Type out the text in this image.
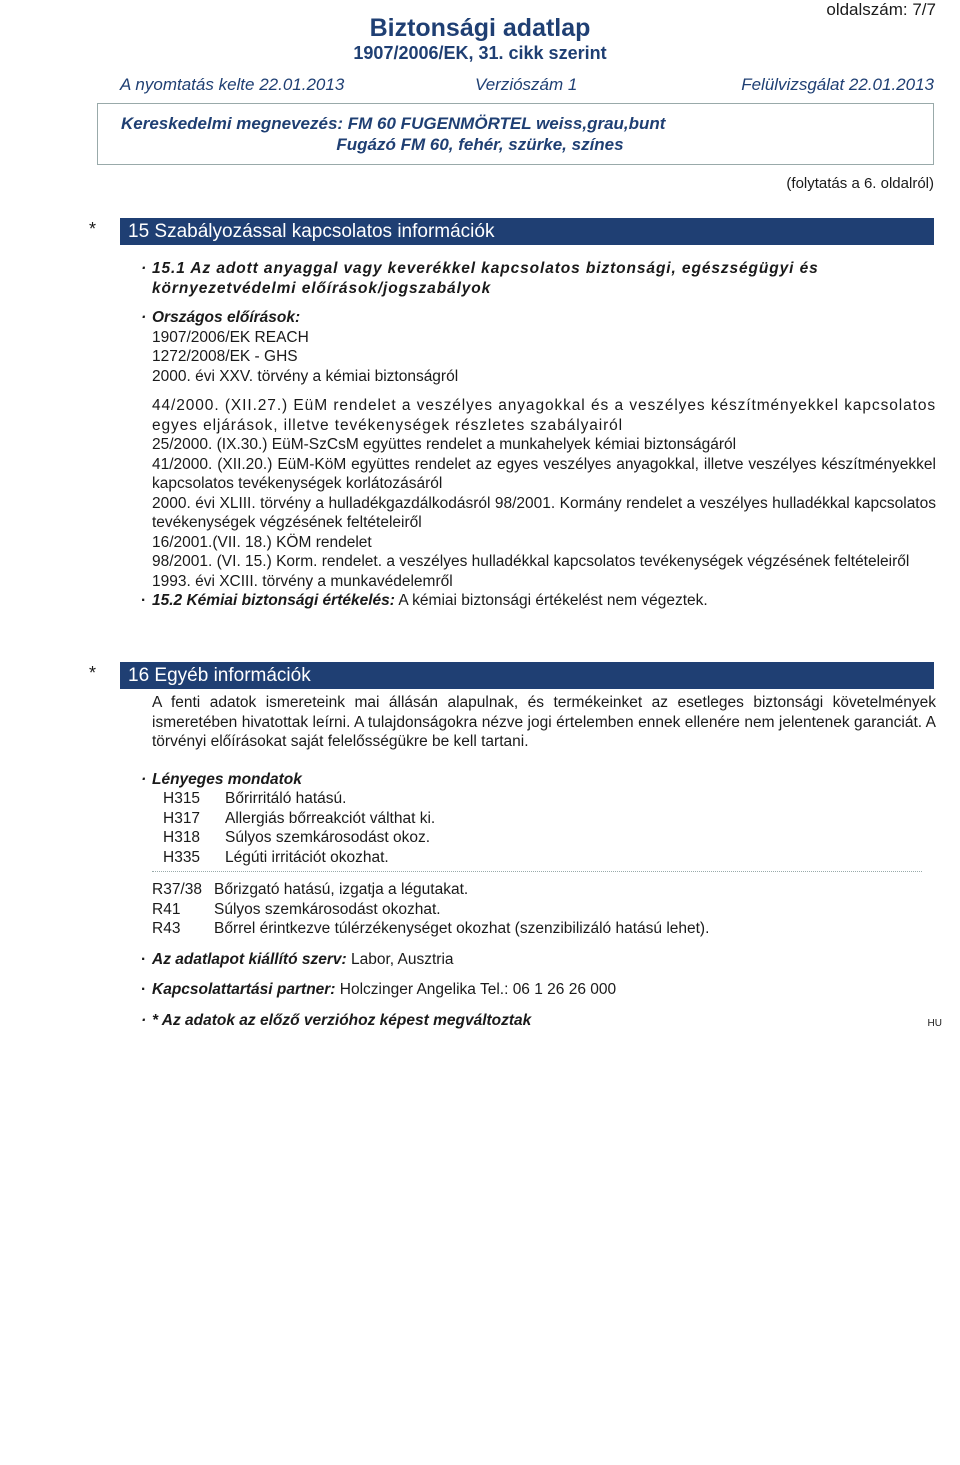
oldalszám: 7/7
Biztonsági adatlap
1907/2006/EK, 31. cikk szerint
A nyomtatás kelte 22.01.2013	Verziószám 1	Felülvizsgálat 22.01.2013
Kereskedelmi megnevezés: FM 60 FUGENMÖRTEL weiss,grau,bunt
Fugázó FM 60, fehér, szürke, színes
(folytatás a 6. oldalról)
*	15 Szabályozással kapcsolatos információk
· 15.1 Az adott anyaggal vagy keverékkel kapcsolatos biztonsági, egészségügyi és környezetvédelmi előírások/jogszabályok
· Országos előírások:
1907/2006/EK REACH
1272/2008/EK - GHS
2000. évi XXV. törvény a kémiai biztonságról
44/2000. (XII.27.) EüM rendelet a veszélyes anyagokkal és a veszélyes készítményekkel kapcsolatos egyes eljárások, illetve tevékenységek részletes szabályairól
25/2000. (IX.30.) EüM-SzCsM együttes rendelet a munkahelyek kémiai biztonságáról
41/2000. (XII.20.) EüM-KöM együttes rendelet az egyes veszélyes anyagokkal, illetve veszélyes készítményekkel kapcsolatos tevékenységek korlátozásáról
2000. évi XLIII. törvény a hulladékgazdálkodásról 98/2001. Kormány rendelet a veszélyes hulladékkal kapcsolatos tevékenységek végzésének feltételeiről
16/2001.(VII. 18.) KÖM rendelet
98/2001. (VI. 15.) Korm. rendelet. a veszélyes hulladékkal kapcsolatos tevékenységek végzésének feltételeiről
1993. évi XCIII. törvény a munkavédelemről
· 15.2 Kémiai biztonsági értékelés: A kémiai biztonsági értékelést nem végeztek.
*	16 Egyéb információk
A fenti adatok ismereteink mai állásán alapulnak, és termékeinket az esetleges biztonsági követelmények ismeretében hivatottak leírni. A tulajdonságokra nézve jogi értelemben ennek ellenére nem jelentenek garanciát. A törvényi előírásokat saját felelősségükre be kell tartani.
· Lényeges mondatok
H315	Bőrirritáló hatású.
H317	Allergiás bőrreakciót válthat ki.
H318	Súlyos szemkárosodást okoz.
H335	Légúti irritációt okozhat.
R37/38	Bőrizgató hatású, izgatja a légutakat.
R41	Súlyos szemkárosodást okozhat.
R43	Bőrrel érintkezve túlérzékenységet okozhat (szenzibilizáló hatású lehet).
· Az adatlapot kiállító szerv: Labor, Ausztria
· Kapcsolattartási partner: Holczinger Angelika Tel.: 06 1 26 26 000
· * Az adatok az előző verzióhoz képest megváltoztak	HU
